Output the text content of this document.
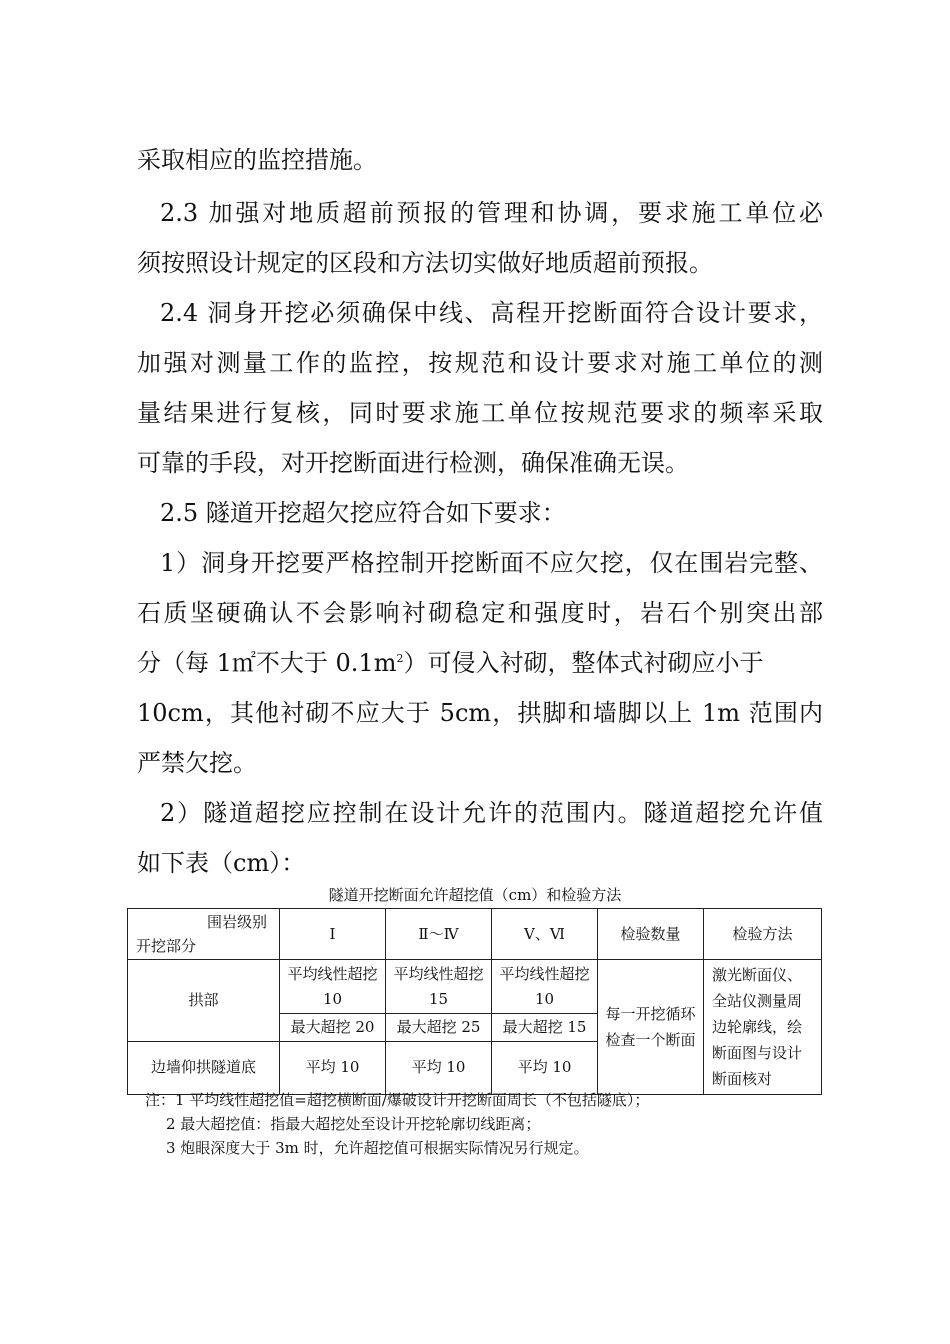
采取相应的监控措施。
2.3 加强对地质超前预报的管理和协调，要求施工单位必
须按照设计规定的区段和方法切实做好地质超前预报。
2.4 洞身开挖必须确保中线、高程开挖断面符合设计要求，
加强对测量工作的监控，按规范和设计要求对施工单位的测
量结果进行复核，同时要求施工单位按规范要求的频率采取
可靠的手段，对开挖断面进行检测，确保准确无误。
2.5 隧道开挖超欠挖应符合如下要求：
1）洞身开挖要严格控制开挖断面不应欠挖，仅在围岩完整、
石质坚硬确认不会影响衬砌稳定和强度时，岩石个别突出部
分（每 1㎡不大于 $0.1m^2$）可侵入衬砌，整体式衬砌应小于
10cm，其他衬砌不应大于 5cm，拱脚和墙脚以上 1m 范围内
严禁欠挖。
2）隧道超挖应控制在设计允许的范围内。隧道超挖允许值
如下表（cm）：
隧道开挖断面允许超挖值（cm）和检验方法
围岩级别
开挖部分	Ⅰ	Ⅱ～Ⅳ	Ⅴ、Ⅵ	检验数量	检验方法
拱部	平均线性超挖 10	平均线性超挖 15	平均线性超挖 10	每一开挖循环检查一个断面	激光断面仪、全站仪测量周边轮廓线，绘断面图与设计断面核对
	最大超挖 20	最大超挖 25	最大超挖 15		
边墙仰拱隧道底	平均 10	平均 10	平均 10		
注：1 平均线性超挖值=超挖横断面/爆破设计开挖断面周长（不包括隧底）；
2 最大超挖值：指最大超挖处至设计开挖轮廓切线距离；
3 炮眼深度大于 3m 时，允许超挖值可根据实际情况另行规定。
